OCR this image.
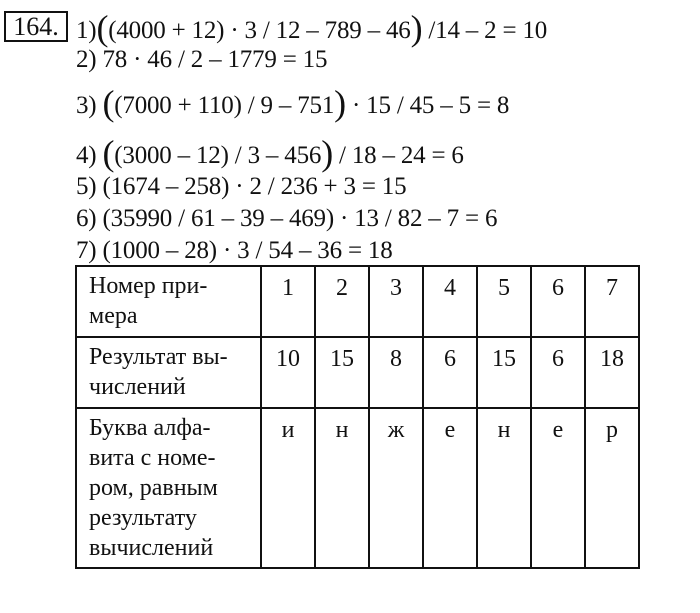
164. 1)((4000 + 12) · 3 / 12 – 789 – 46) /14 – 2 = 10
2) 78 · 46 / 2 – 1779 = 15
3) ((7000 + 110) / 9 – 751) · 15 / 45 – 5 = 8
4) ((3000 – 12) / 3 – 456) / 18 – 24 = 6
5) (1674 – 258) · 2 / 236 + 3 = 15
6) (35990 / 61 – 39 – 469) · 13 / 82 – 7 = 6
7) (1000 – 28) · 3 / 54 – 36 = 18
Номер при-
мера	1	2	3	4	5	6	7
Результат вы-
числений	10	15	8	6	15	6	18
Буква алфа-
вита с номе-
ром, равным
результату
вычислений	и	н	ж	е	н	е	р
